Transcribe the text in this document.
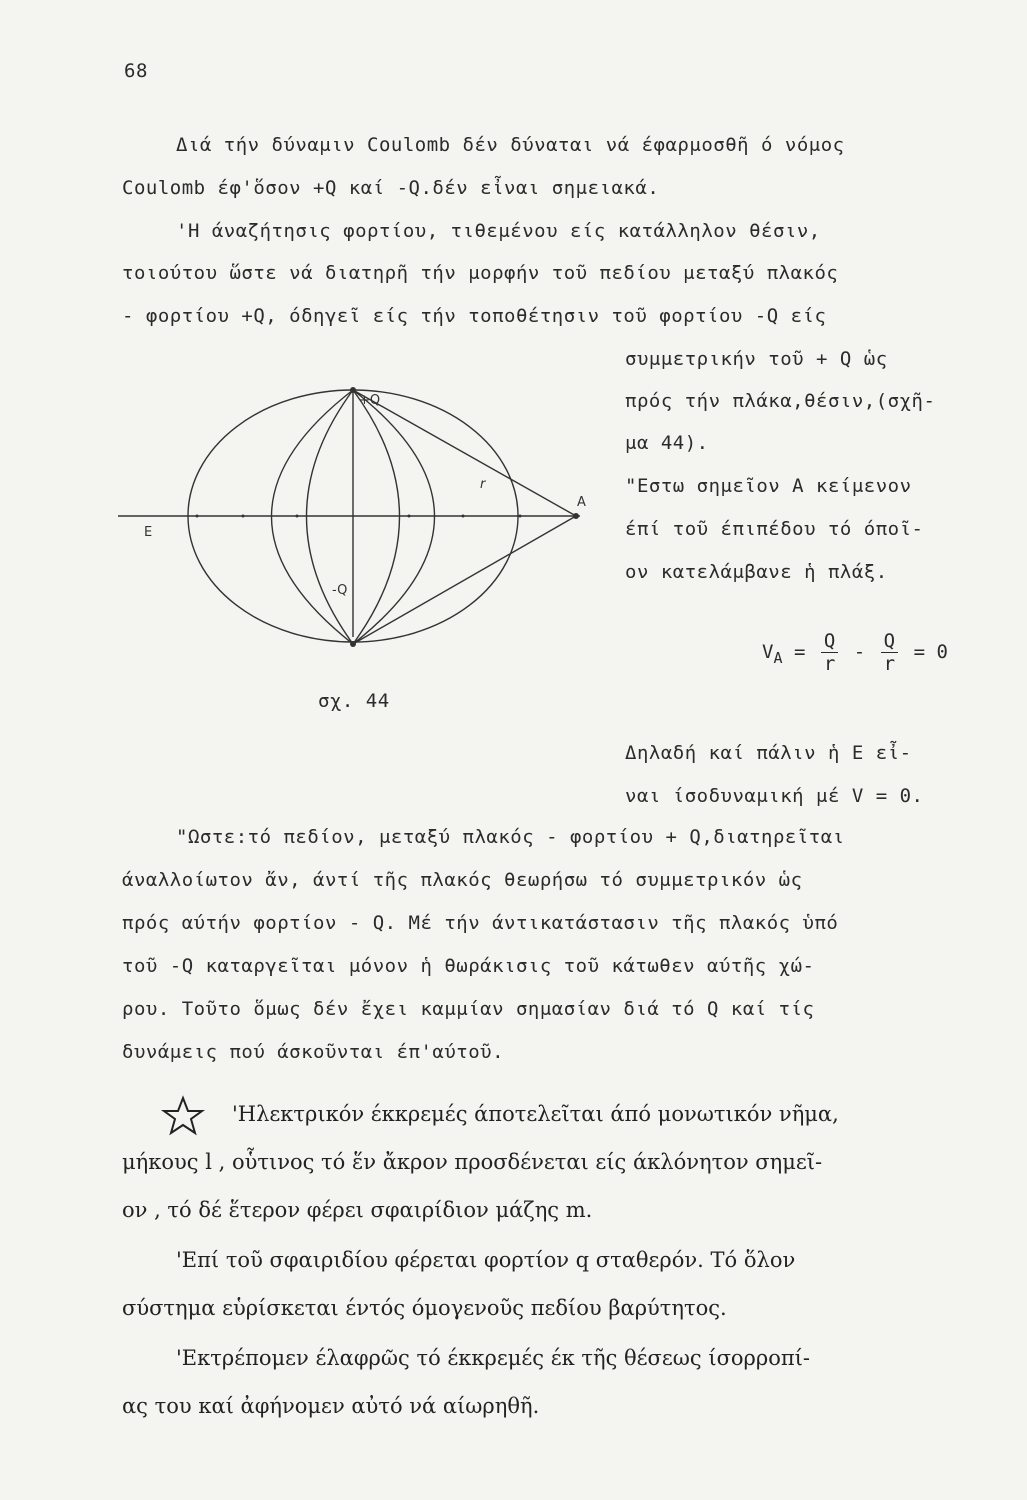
68
Διά τήν δύναμιν Coulomb δέν δύναται νά έφαρμοσθῆ ό νόμος
Coulomb έφ'ὅσον +Q καί -Q.δέν εἶναι σημειακά.
'Η άναζήτησις φορτίου, τιθεμένου είς κατάλληλον θέσιν,
τοιούτου ὥστε νά διατηρῆ τήν μορφήν τοῦ πεδίου μεταξύ πλακός
- φορτίου +Q, όδηγεῖ είς τήν τοποθέτησιν τοῦ φορτίου -Q είς
συμμετρικήν τοῦ + Q ὡς
πρός τήν πλάκα,θέσιν,(σχῆ-
μα 44).
"Εστω σημεῖον Α κείμενον
έπί τοῦ έπιπέδου τό όποῖ-
ον κατελάμβανε ἡ πλάξ.
$V_A = \frac{Q}{r} - \frac{Q}{r} = 0$
σχ. 44
Δηλαδή καί πάλιν ἡ Ε εἶ-
ναι ίσοδυναμική μέ V = 0.
"Ωστε:τό πεδίον, μεταξύ πλακός - φορτίου + Q,διατηρεῖται
άναλλοίωτον ἄν, άντί τῆς πλακός θεωρήσω τό συμμετρικόν ὡς
πρός αύτήν φορτίον - Q. Μέ τήν άντικατάστασιν τῆς πλακός ὑπό
τοῦ -Q καταργεῖται μόνον ἡ θωράκισις τοῦ κάτωθεν αύτῆς χώ-
ρου. Τοῦτο ὅμως δέν ἔχει καμμίαν σημασίαν διά τό Q καί τίς
δυνάμεις πού άσκοῦνται έπ'αύτοῦ.
+Q
-Q
E
A
r
'Ηλεκτρικόν έκκρεμές άποτελεῖται άπό μονωτικόν νῆμα,
μήκους l , οὗτινος τό ἕν ἄκρον προσδένεται είς άκλόνητον σημεῖ-
ον , τό δέ ἕτερον φέρει σφαιρίδιον μάζης m.
'Επί τοῦ σφαιριδίου φέρεται φορτίον q σταθερόν. Τό ὅλον
σύστημα εὑρίσκεται έντός όμογενοῦς πεδίου βαρύτητος.
'Εκτρέπομεν έλαφρῶς τό έκκρεμές έκ τῆς θέσεως ίσορροπί-
ας του καί ἀφήνομεν αὐτό νά αίωρηθῆ.
